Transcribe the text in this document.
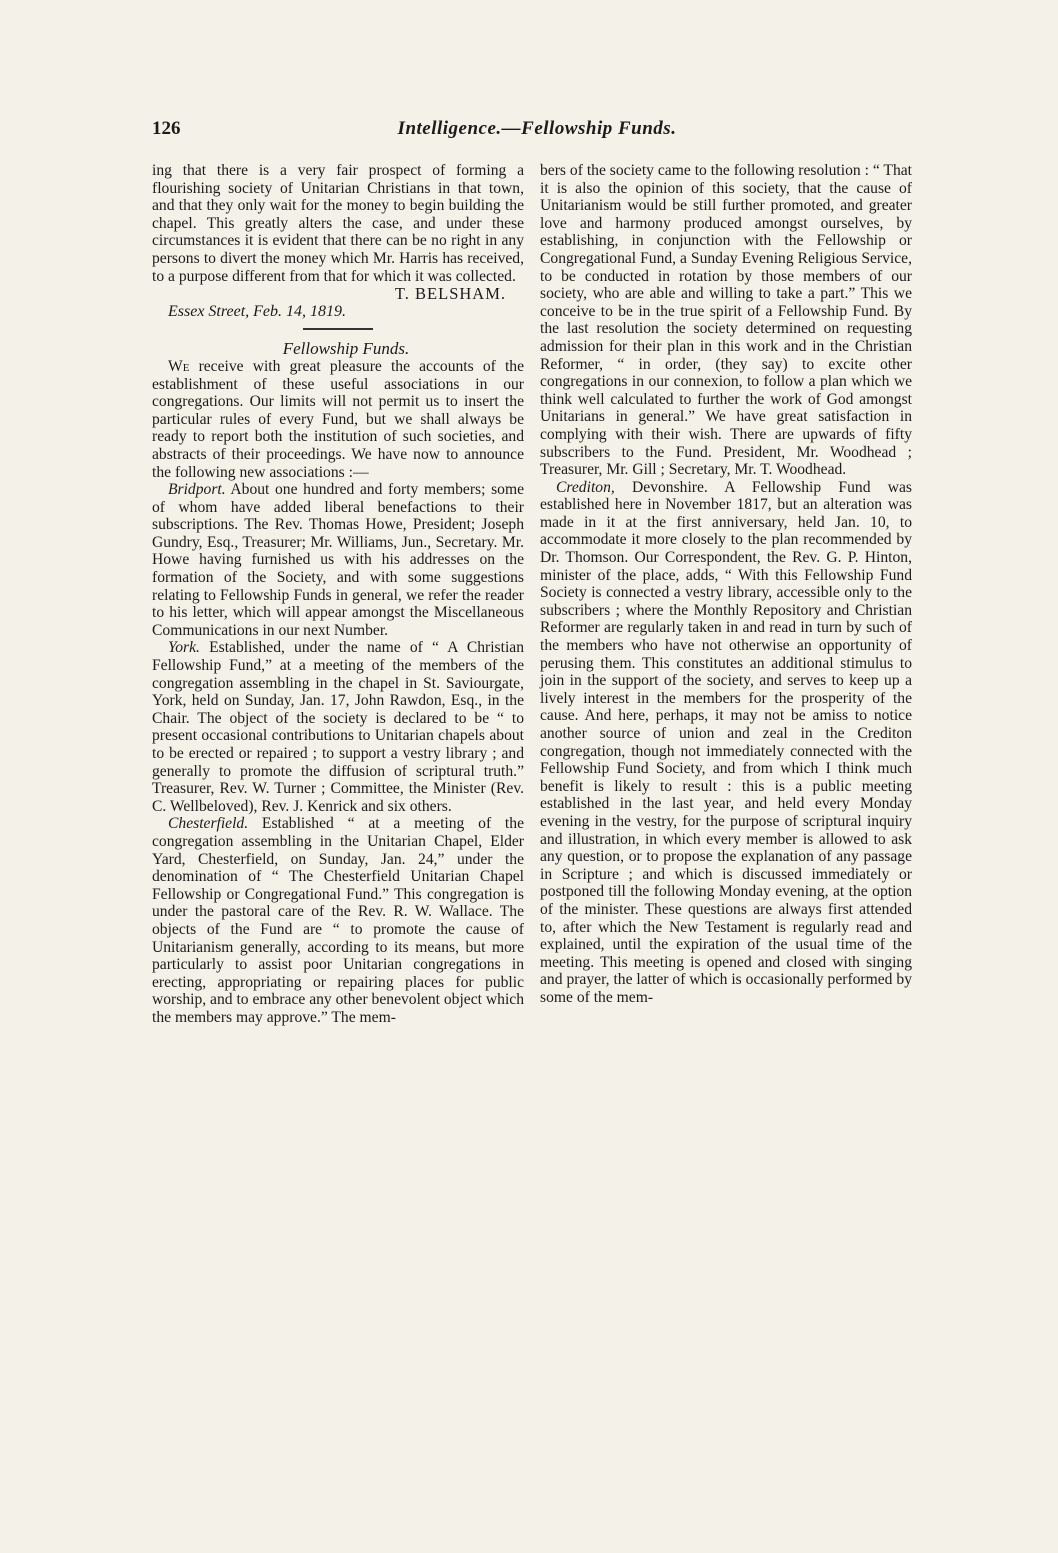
126	Intelligence.—Fellowship Funds.

ing that there is a very fair prospect of forming a flourishing society of Unitarian Christians in that town, and that they only wait for the money to begin building the chapel. This greatly alters the case, and under these circumstances it is evident that there can be no right in any persons to divert the money which Mr. Harris has received, to a purpose different from that for which it was collected.

T. BELSHAM.

Essex Street, Feb. 14, 1819.

Fellowship Funds.

We receive with great pleasure the accounts of the establishment of these useful associations in our congregations. Our limits will not permit us to insert the particular rules of every Fund, but we shall always be ready to report both the institution of such societies, and abstracts of their proceedings. We have now to announce the following new associations :—

Bridport. About one hundred and forty members; some of whom have added liberal benefactions to their subscriptions. The Rev. Thomas Howe, President; Joseph Gundry, Esq., Treasurer; Mr. Williams, Jun., Secretary. Mr. Howe having furnished us with his addresses on the formation of the Society, and with some suggestions relating to Fellowship Funds in general, we refer the reader to his letter, which will appear amongst the Miscellaneous Communications in our next Number.

York. Established, under the name of “ A Christian Fellowship Fund,” at a meeting of the members of the congregation assembling in the chapel in St. Saviourgate, York, held on Sunday, Jan. 17, John Rawdon, Esq., in the Chair. The object of the society is declared to be “ to present occasional contributions to Unitarian chapels about to be erected or repaired ; to support a vestry library ; and generally to promote the diffusion of scriptural truth.” Treasurer, Rev. W. Turner ; Committee, the Minister (Rev. C. Wellbeloved), Rev. J. Kenrick and six others.

Chesterfield. Established “ at a meeting of the congregation assembling in the Unitarian Chapel, Elder Yard, Chesterfield, on Sunday, Jan. 24,” under the denomination of “ The Chesterfield Unitarian Chapel Fellowship or Congregational Fund.” This congregation is under the pastoral care of the Rev. R. W. Wallace. The objects of the Fund are “ to promote the cause of Unitarianism generally, according to its means, but more particularly to assist poor Unitarian congregations in erecting, appropriating or repairing places for public worship, and to embrace any other benevolent object which the members may approve.” The mem-

bers of the society came to the following resolution : “ That it is also the opinion of this society, that the cause of Unitarianism would be still further promoted, and greater love and harmony produced amongst ourselves, by establishing, in conjunction with the Fellowship or Congregational Fund, a Sunday Evening Religious Service, to be conducted in rotation by those members of our society, who are able and willing to take a part.” This we conceive to be in the true spirit of a Fellowship Fund. By the last resolution the society determined on requesting admission for their plan in this work and in the Christian Reformer, “ in order, (they say) to excite other congregations in our connexion, to follow a plan which we think well calculated to further the work of God amongst Unitarians in general.” We have great satisfaction in complying with their wish. There are upwards of fifty subscribers to the Fund. President, Mr. Woodhead ; Treasurer, Mr. Gill ; Secretary, Mr. T. Woodhead.

Crediton, Devonshire. A Fellowship Fund was established here in November 1817, but an alteration was made in it at the first anniversary, held Jan. 10, to accommodate it more closely to the plan recommended by Dr. Thomson. Our Correspondent, the Rev. G. P. Hinton, minister of the place, adds, “ With this Fellowship Fund Society is connected a vestry library, accessible only to the subscribers ; where the Monthly Repository and Christian Reformer are regularly taken in and read in turn by such of the members who have not otherwise an opportunity of perusing them. This constitutes an additional stimulus to join in the support of the society, and serves to keep up a lively interest in the members for the prosperity of the cause. And here, perhaps, it may not be amiss to notice another source of union and zeal in the Crediton congregation, though not immediately connected with the Fellowship Fund Society, and from which I think much benefit is likely to result : this is a public meeting established in the last year, and held every Monday evening in the vestry, for the purpose of scriptural inquiry and illustration, in which every member is allowed to ask any question, or to propose the explanation of any passage in Scripture ; and which is discussed immediately or postponed till the following Monday evening, at the option of the minister. These questions are always first attended to, after which the New Testament is regularly read and explained, until the expiration of the usual time of the meeting. This meeting is opened and closed with singing and prayer, the latter of which is occasionally performed by some of the mem-
